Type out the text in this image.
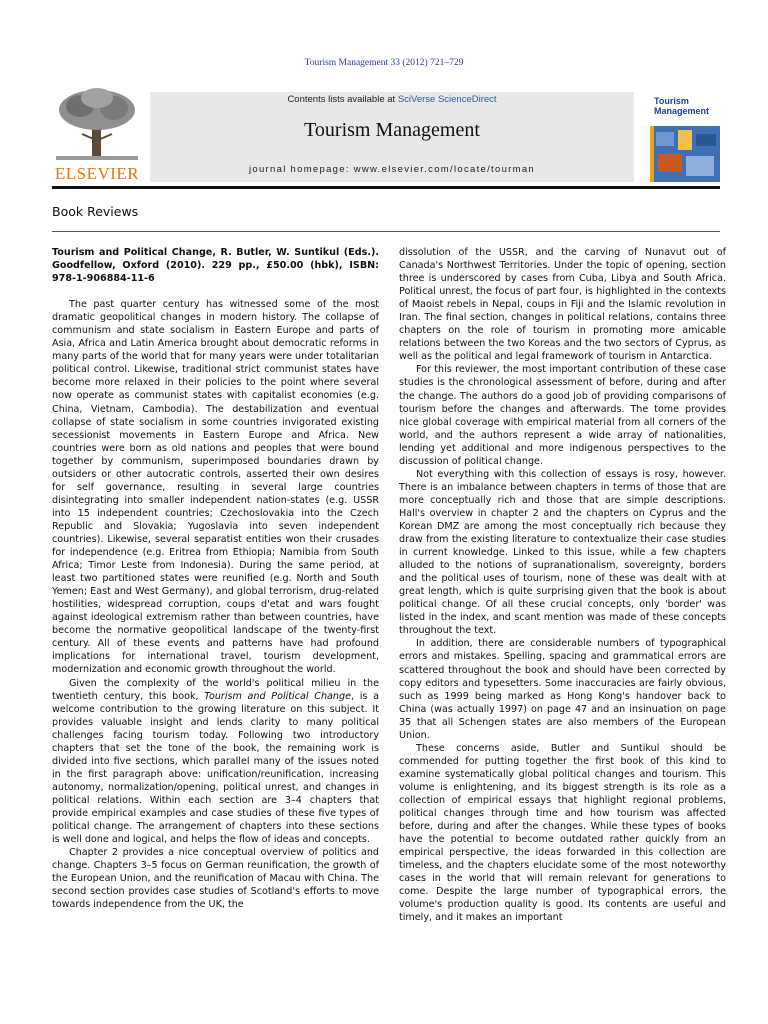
Tourism Management 33 (2012) 721–729
ELSEVIER
Contents lists available at SciVerse ScienceDirect
Tourism Management
journal homepage: www.elsevier.com/locate/tourman
Tourism Management
Book Reviews

Tourism and Political Change, R. Butler, W. Suntikul (Eds.). Goodfellow, Oxford (2010). 229 pp., £50.00 (hbk), ISBN: 978-1-906884-11-6

The past quarter century has witnessed some of the most dramatic geopolitical changes in modern history. The collapse of communism and state socialism in Eastern Europe and parts of Asia, Africa and Latin America brought about democratic reforms in many parts of the world that for many years were under totalitarian political control. Likewise, traditional strict communist states have become more relaxed in their policies to the point where several now operate as communist states with capitalist economies (e.g. China, Vietnam, Cambodia). The destabilization and eventual collapse of state socialism in some countries invigorated existing secessionist movements in Eastern Europe and Africa. New countries were born as old nations and peoples that were bound together by communism, superimposed boundaries drawn by outsiders or other autocratic controls, asserted their own desires for self governance, resulting in several large countries disintegrating into smaller independent nation-states (e.g. USSR into 15 independent countries; Czechoslovakia into the Czech Republic and Slovakia; Yugoslavia into seven independent countries). Likewise, several separatist entities won their crusades for independence (e.g. Eritrea from Ethiopia; Namibia from South Africa; Timor Leste from Indonesia). During the same period, at least two partitioned states were reunified (e.g. North and South Yemen; East and West Germany), and global terrorism, drug-related hostilities, widespread corruption, coups d'etat and wars fought against ideological extremism rather than between countries, have become the normative geopolitical landscape of the twenty-first century. All of these events and patterns have had profound implications for international travel, tourism development, modernization and economic growth throughout the world.

Given the complexity of the world's political milieu in the twentieth century, this book, Tourism and Political Change, is a welcome contribution to the growing literature on this subject. It provides valuable insight and lends clarity to many political challenges facing tourism today. Following two introductory chapters that set the tone of the book, the remaining work is divided into five sections, which parallel many of the issues noted in the first paragraph above: unification/reunification, increasing autonomy, normalization/opening, political unrest, and changes in political relations. Within each section are 3–4 chapters that provide empirical examples and case studies of these five types of political change. The arrangement of chapters into these sections is well done and logical, and helps the flow of ideas and concepts.

Chapter 2 provides a nice conceptual overview of politics and change. Chapters 3–5 focus on German reunification, the growth of the European Union, and the reunification of Macau with China. The second section provides case studies of Scotland's efforts to move towards independence from the UK, the

dissolution of the USSR, and the carving of Nunavut out of Canada's Northwest Territories. Under the topic of opening, section three is underscored by cases from Cuba, Libya and South Africa. Political unrest, the focus of part four, is highlighted in the contexts of Maoist rebels in Nepal, coups in Fiji and the Islamic revolution in Iran. The final section, changes in political relations, contains three chapters on the role of tourism in promoting more amicable relations between the two Koreas and the two sectors of Cyprus, as well as the political and legal framework of tourism in Antarctica.

For this reviewer, the most important contribution of these case studies is the chronological assessment of before, during and after the change. The authors do a good job of providing comparisons of tourism before the changes and afterwards. The tome provides nice global coverage with empirical material from all corners of the world, and the authors represent a wide array of nationalities, lending yet additional and more indigenous perspectives to the discussion of political change.

Not everything with this collection of essays is rosy, however. There is an imbalance between chapters in terms of those that are more conceptually rich and those that are simple descriptions. Hall's overview in chapter 2 and the chapters on Cyprus and the Korean DMZ are among the most conceptually rich because they draw from the existing literature to contextualize their case studies in current knowledge. Linked to this issue, while a few chapters alluded to the notions of supranationalism, sovereignty, borders and the political uses of tourism, none of these was dealt with at great length, which is quite surprising given that the book is about political change. Of all these crucial concepts, only 'border' was listed in the index, and scant mention was made of these concepts throughout the text.

In addition, there are considerable numbers of typographical errors and mistakes. Spelling, spacing and grammatical errors are scattered throughout the book and should have been corrected by copy editors and typesetters. Some inaccuracies are fairly obvious, such as 1999 being marked as Hong Kong's handover back to China (was actually 1997) on page 47 and an insinuation on page 35 that all Schengen states are also members of the European Union.

These concerns aside, Butler and Suntikul should be commended for putting together the first book of this kind to examine systematically global political changes and tourism. This volume is enlightening, and its biggest strength is its role as a collection of empirical essays that highlight regional problems, political changes through time and how tourism was affected before, during and after the changes. While these types of books have the potential to become outdated rather quickly from an empirical perspective, the ideas forwarded in this collection are timeless, and the chapters elucidate some of the most noteworthy cases in the world that will remain relevant for generations to come. Despite the large number of typographical errors, the volume's production quality is good. Its contents are useful and timely, and it makes an important
